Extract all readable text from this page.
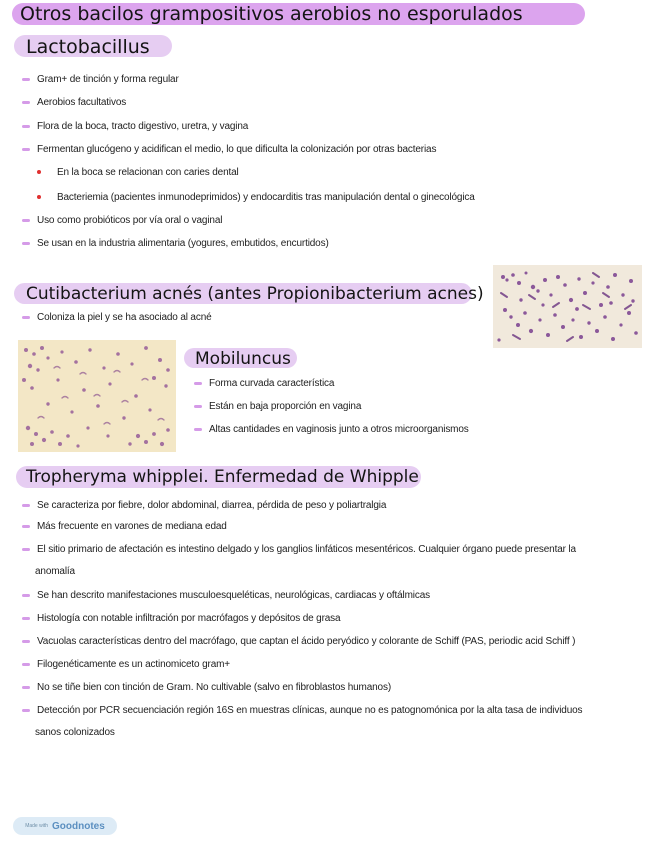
Otros bacilos grampositivos aerobios no esporulados
Lactobacillus
Gram+ de tinción y forma regular
Aerobios facultativos
Flora de la boca, tracto digestivo, uretra, y vagina
Fermentan glucógeno y acidifican el medio, lo que dificulta la colonización por otras bacterias
En la boca se relacionan con caries dental
Bacteriemia (pacientes inmunodeprimidos) y endocarditis tras manipulación dental o ginecológica
Uso como probióticos por vía oral o vaginal
Se usan en la industria alimentaria (yogures, embutidos, encurtidos)
Cutibacterium acnés (antes Propionibacterium acnes)
Coloniza la piel y se ha asociado al acné
Mobiluncus
Forma curvada característica
Están en baja proporción en vagina
Altas cantidades en vaginosis junto a otros microorganismos
Tropheryma whipplei. Enfermedad de Whipple
Se caracteriza por fiebre, dolor abdominal, diarrea, pérdida de peso y poliartralgia
Más frecuente en varones de mediana edad
El sitio primario de afectación es intestino delgado y los ganglios linfáticos mesentéricos. Cualquier órgano puede presentar la
anomalía
Se han descrito manifestaciones musculoesqueléticas, neurológicas, cardiacas y oftálmicas
Histología con notable infiltración por macrófagos y depósitos de grasa
Vacuolas características dentro del macrófago, que captan el ácido peryódico y colorante de Schiff (PAS, periodic acid Schiff )
Filogenéticamente es un actinomiceto gram+
No se tiñe bien con tinción de Gram. No cultivable (salvo en fibroblastos humanos)
Detección por PCR secuenciación región 16S en muestras clínicas, aunque no es patognomónica por la alta tasa de individuos
sanos colonizados
Made with Goodnotes
